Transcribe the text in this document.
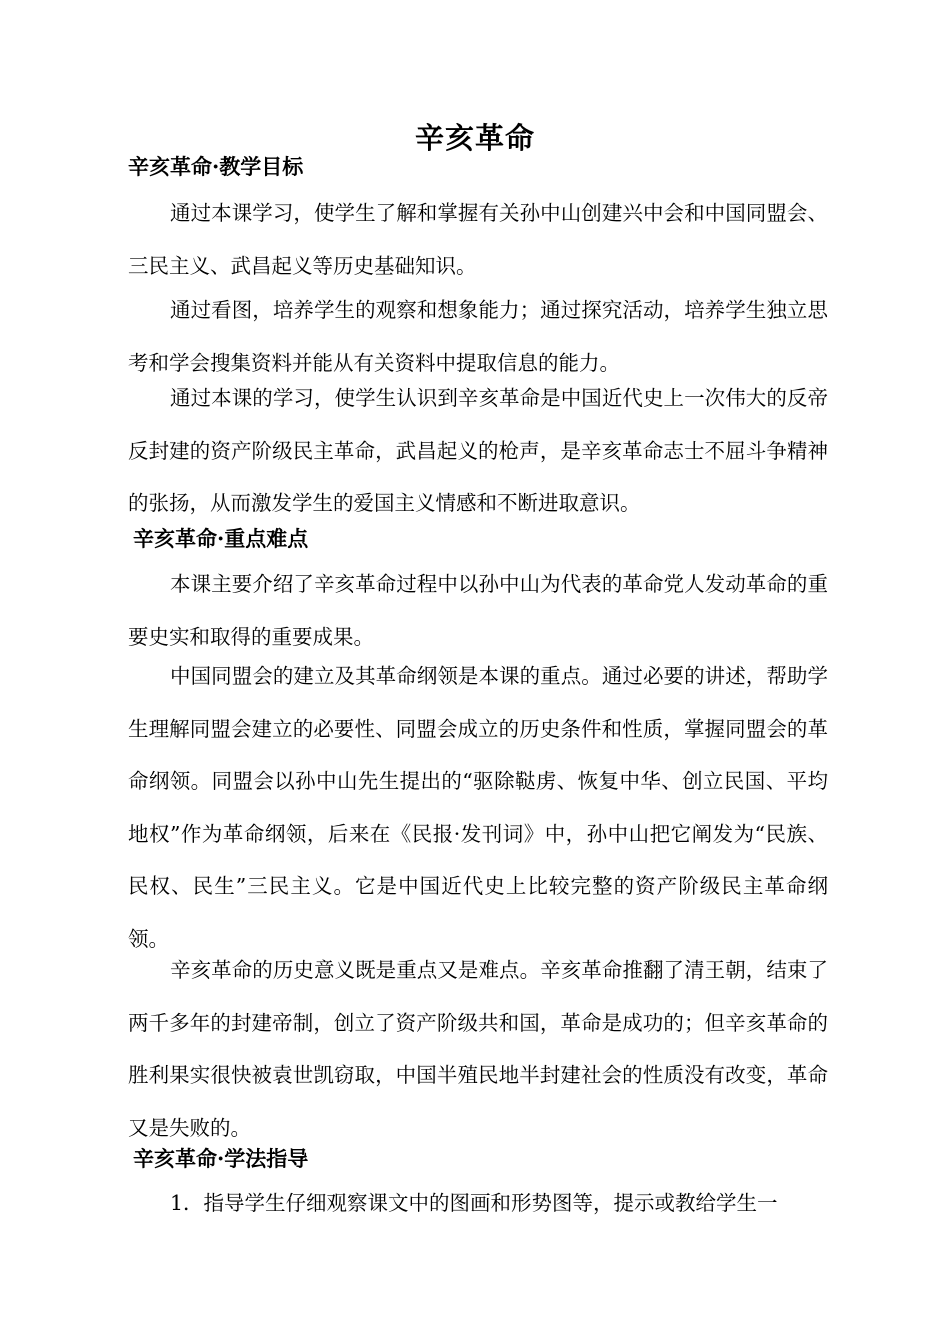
辛亥革命
辛亥革命·教学目标

通过本课学习，使学生了解和掌握有关孙中山创建兴中会和中国同盟会、三民主义、武昌起义等历史基础知识。

通过看图，培养学生的观察和想象能力；通过探究活动，培养学生独立思考和学会搜集资料并能从有关资料中提取信息的能力。

通过本课的学习，使学生认识到辛亥革命是中国近代史上一次伟大的反帝反封建的资产阶级民主革命，武昌起义的枪声，是辛亥革命志士不屈斗争精神的张扬，从而激发学生的爱国主义情感和不断进取意识。

辛亥革命·重点难点

本课主要介绍了辛亥革命过程中以孙中山为代表的革命党人发动革命的重要史实和取得的重要成果。

中国同盟会的建立及其革命纲领是本课的重点。通过必要的讲述，帮助学生理解同盟会建立的必要性、同盟会成立的历史条件和性质，掌握同盟会的革命纲领。同盟会以孙中山先生提出的“驱除鞑虏、恢复中华、创立民国、平均地权”作为革命纲领，后来在《民报·发刊词》中，孙中山把它阐发为“民族、民权、民生”三民主义。它是中国近代史上比较完整的资产阶级民主革命纲领。

辛亥革命的历史意义既是重点又是难点。辛亥革命推翻了清王朝，结束了两千多年的封建帝制，创立了资产阶级共和国，革命是成功的；但辛亥革命的胜利果实很快被袁世凯窃取，中国半殖民地半封建社会的性质没有改变，革命又是失败的。

辛亥革命·学法指导

1．指导学生仔细观察课文中的图画和形势图等，提示或教给学生一
